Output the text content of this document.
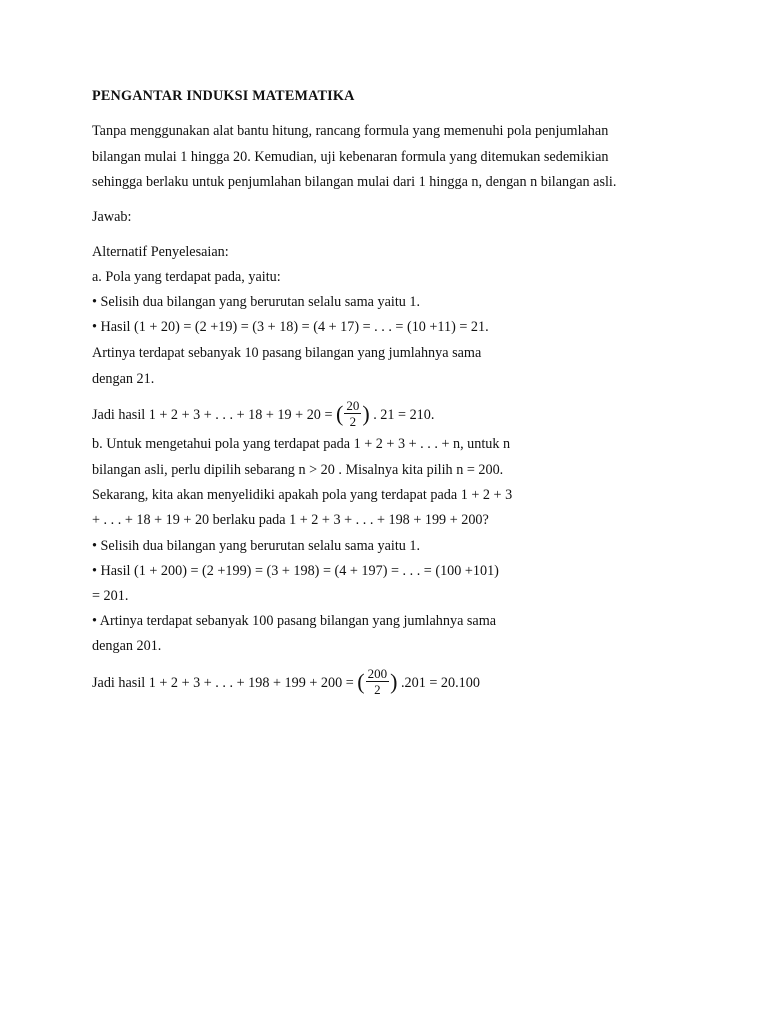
PENGANTAR INDUKSI MATEMATIKA
Tanpa menggunakan alat bantu hitung, rancang formula yang memenuhi pola penjumlahan
bilangan mulai 1 hingga 20. Kemudian, uji kebenaran formula yang ditemukan sedemikian
sehingga berlaku untuk penjumlahan bilangan mulai dari 1 hingga n, dengan n bilangan asli.
Jawab:
Alternatif Penyelesaian:
a. Pola yang terdapat pada, yaitu:
• Selisih dua bilangan yang berurutan selalu sama yaitu 1.
• Hasil (1 + 20) = (2 +19) = (3 + 18) = (4 + 17) = . . . = (10 +11) = 21.
Artinya terdapat sebanyak 10 pasang bilangan yang jumlahnya sama
dengan 21.
Jadi hasil 1 + 2 + 3 + . . . + 18 + 19 + 20 = ( $\frac{20}{2}$ ) . 21 = 210.
b. Untuk mengetahui pola yang terdapat pada 1 + 2 + 3 + . . . + n, untuk n
bilangan asli, perlu dipilih sebarang n > 20 . Misalnya kita pilih n = 200.
Sekarang, kita akan menyelidiki apakah pola yang terdapat pada 1 + 2 + 3
+ . . . + 18 + 19 + 20 berlaku pada 1 + 2 + 3 + . . . + 198 + 199 + 200?
• Selisih dua bilangan yang berurutan selalu sama yaitu 1.
• Hasil (1 + 200) = (2 +199) = (3 + 198) = (4 + 197) = . . . = (100 +101)
= 201.
• Artinya terdapat sebanyak 100 pasang bilangan yang jumlahnya sama
dengan 201.
Jadi hasil 1 + 2 + 3 + . . . + 198 + 199 + 200 = ( $\frac{200}{2}$ ) .201 = 20.100
